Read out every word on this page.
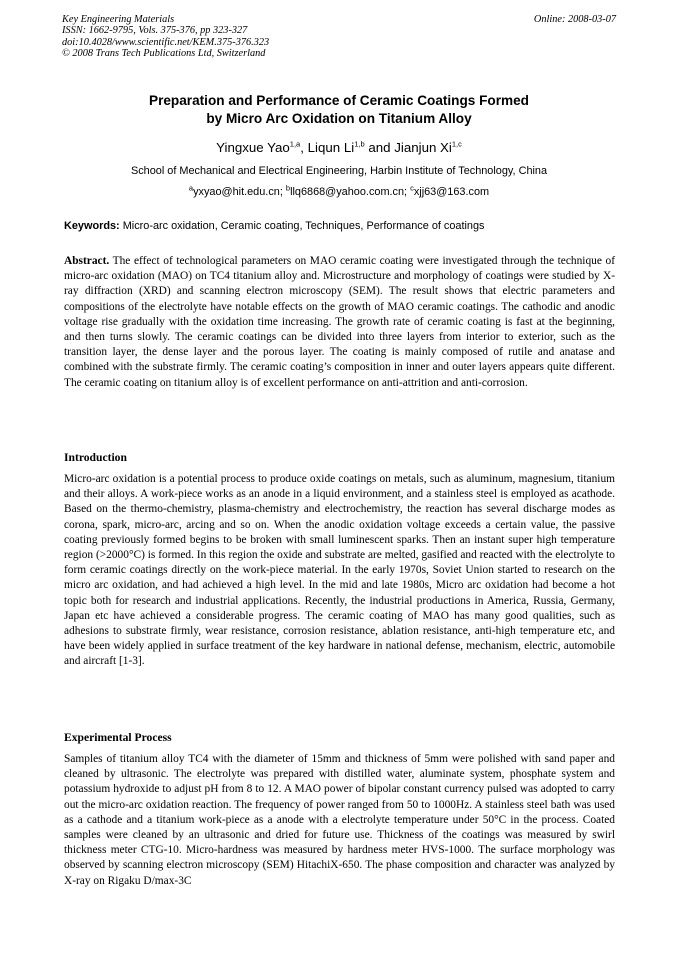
Key Engineering Materials
ISSN: 1662-9795, Vols. 375-376, pp 323-327
doi:10.4028/www.scientific.net/KEM.375-376.323
© 2008 Trans Tech Publications Ltd, Switzerland
Online: 2008-03-07
Preparation and Performance of Ceramic Coatings Formed
by Micro Arc Oxidation on Titanium Alloy
Yingxue Yao$^{1,a}$, Liqun Li$^{1,b}$ and Jianjun Xi$^{1,c}$
School of Mechanical and Electrical Engineering, Harbin Institute of Technology, China
$^a$yxyao@hit.edu.cn; $^b$llq6868@yahoo.com.cn; $^c$xjj63@163.com
Keywords: Micro-arc oxidation, Ceramic coating, Techniques, Performance of coatings
Abstract. The effect of technological parameters on MAO ceramic coating were investigated through the technique of micro-arc oxidation (MAO) on TC4 titanium alloy and. Microstructure and morphology of coatings were studied by X-ray diffraction (XRD) and scanning electron microscopy (SEM). The result shows that electric parameters and compositions of the electrolyte have notable effects on the growth of MAO ceramic coatings. The cathodic and anodic voltage rise gradually with the oxidation time increasing. The growth rate of ceramic coating is fast at the beginning, and then turns slowly. The ceramic coatings can be divided into three layers from interior to exterior, such as the transition layer, the dense layer and the porous layer. The coating is mainly composed of rutile and anatase and combined with the substrate firmly. The ceramic coating’s composition in inner and outer layers appears quite different. The ceramic coating on titanium alloy is of excellent performance on anti-attrition and anti-corrosion.
Introduction
Micro-arc oxidation is a potential process to produce oxide coatings on metals, such as aluminum, magnesium, titanium and their alloys. A work-piece works as an anode in a liquid environment, and a stainless steel is employed as acathode. Based on the thermo-chemistry, plasma-chemistry and electrochemistry, the reaction has several discharge modes as corona, spark, micro-arc, arcing and so on. When the anodic oxidation voltage exceeds a certain value, the passive coating previously formed begins to be broken with small luminescent sparks. Then an instant super high temperature region (>2000°C) is formed. In this region the oxide and substrate are melted, gasified and reacted with the electrolyte to form ceramic coatings directly on the work-piece material. In the early 1970s, Soviet Union started to research on the micro arc oxidation, and had achieved a high level. In the mid and late 1980s, Micro arc oxidation had become a hot topic both for research and industrial applications. Recently, the industrial productions in America, Russia, Germany, Japan etc have achieved a considerable progress. The ceramic coating of MAO has many good qualities, such as adhesions to substrate firmly, wear resistance, corrosion resistance, ablation resistance, anti-high temperature etc, and have been widely applied in surface treatment of the key hardware in national defense, mechanism, electric, automobile and aircraft [1-3].
Experimental Process
Samples of titanium alloy TC4 with the diameter of 15mm and thickness of 5mm were polished with sand paper and cleaned by ultrasonic. The electrolyte was prepared with distilled water, aluminate system, phosphate system and potassium hydroxide to adjust pH from 8 to 12. A MAO power of bipolar constant currency pulsed was adopted to carry out the micro-arc oxidation reaction. The frequency of power ranged from 50 to 1000Hz. A stainless steel bath was used as a cathode and a titanium work-piece as a anode with a electrolyte temperature under 50°C in the process. Coated samples were cleaned by an ultrasonic and dried for future use. Thickness of the coatings was measured by swirl thickness meter CTG-10. Micro-hardness was measured by hardness meter HVS-1000. The surface morphology was observed by scanning electron microscopy (SEM) HitachiX-650. The phase composition and character was analyzed by X-ray on Rigaku D/max-3C
